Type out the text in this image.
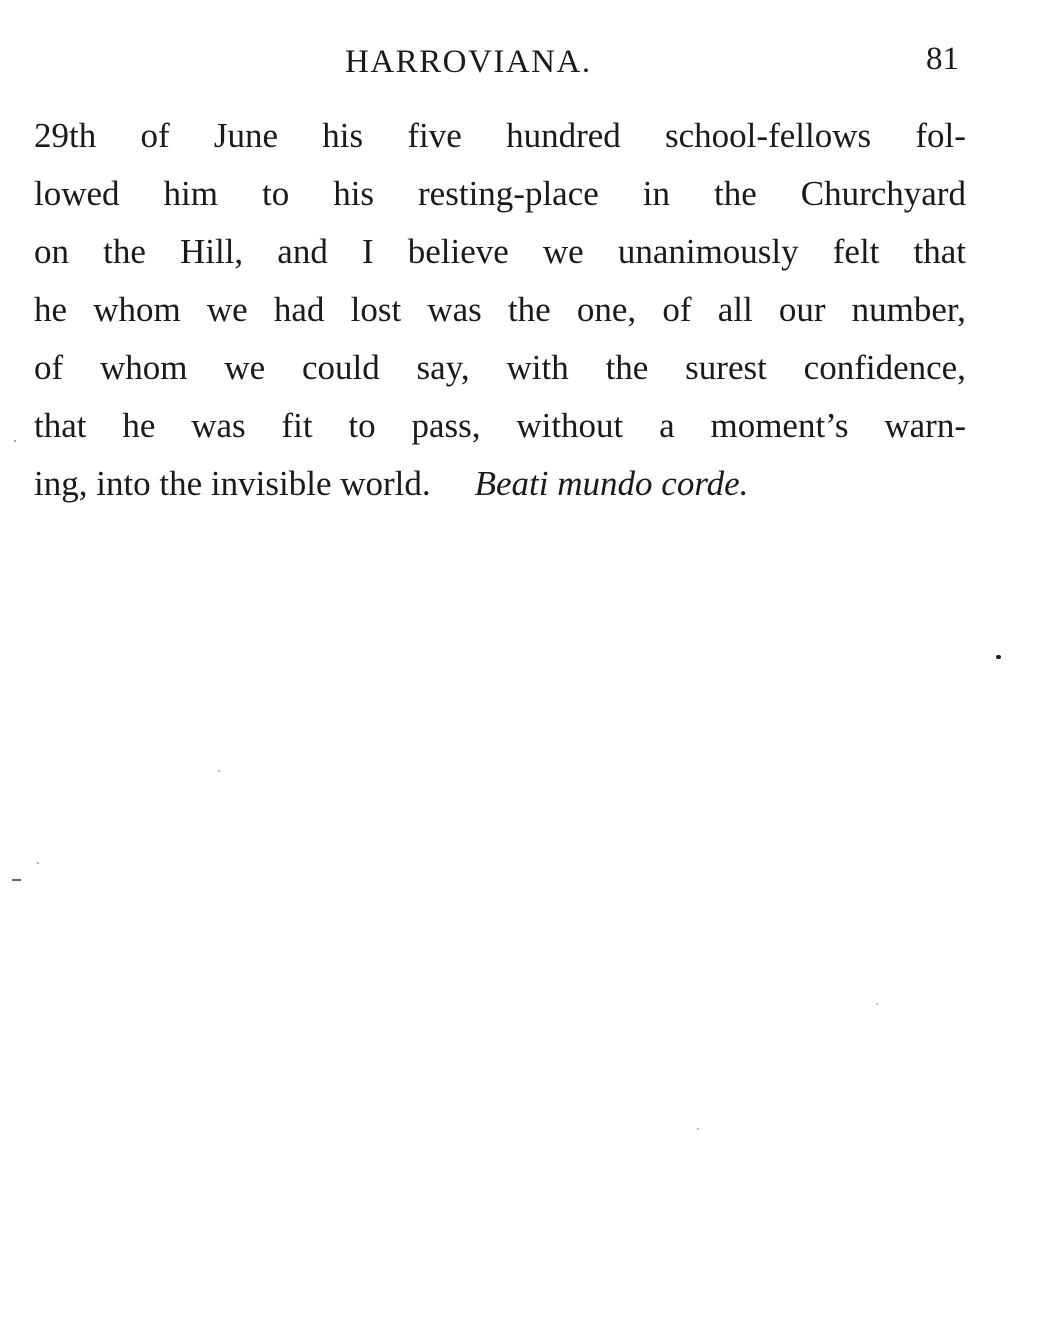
HARROVIANA.	81
29th of June his five hundred school-fellows fol-
lowed him to his resting-place in the Churchyard
on the Hill, and I believe we unanimously felt that
he whom we had lost was the one, of all our number,
of whom we could say, with the surest confidence,
that he was fit to pass, without a moment’s warn-
ing, into the invisible world. Beati mundo corde.
